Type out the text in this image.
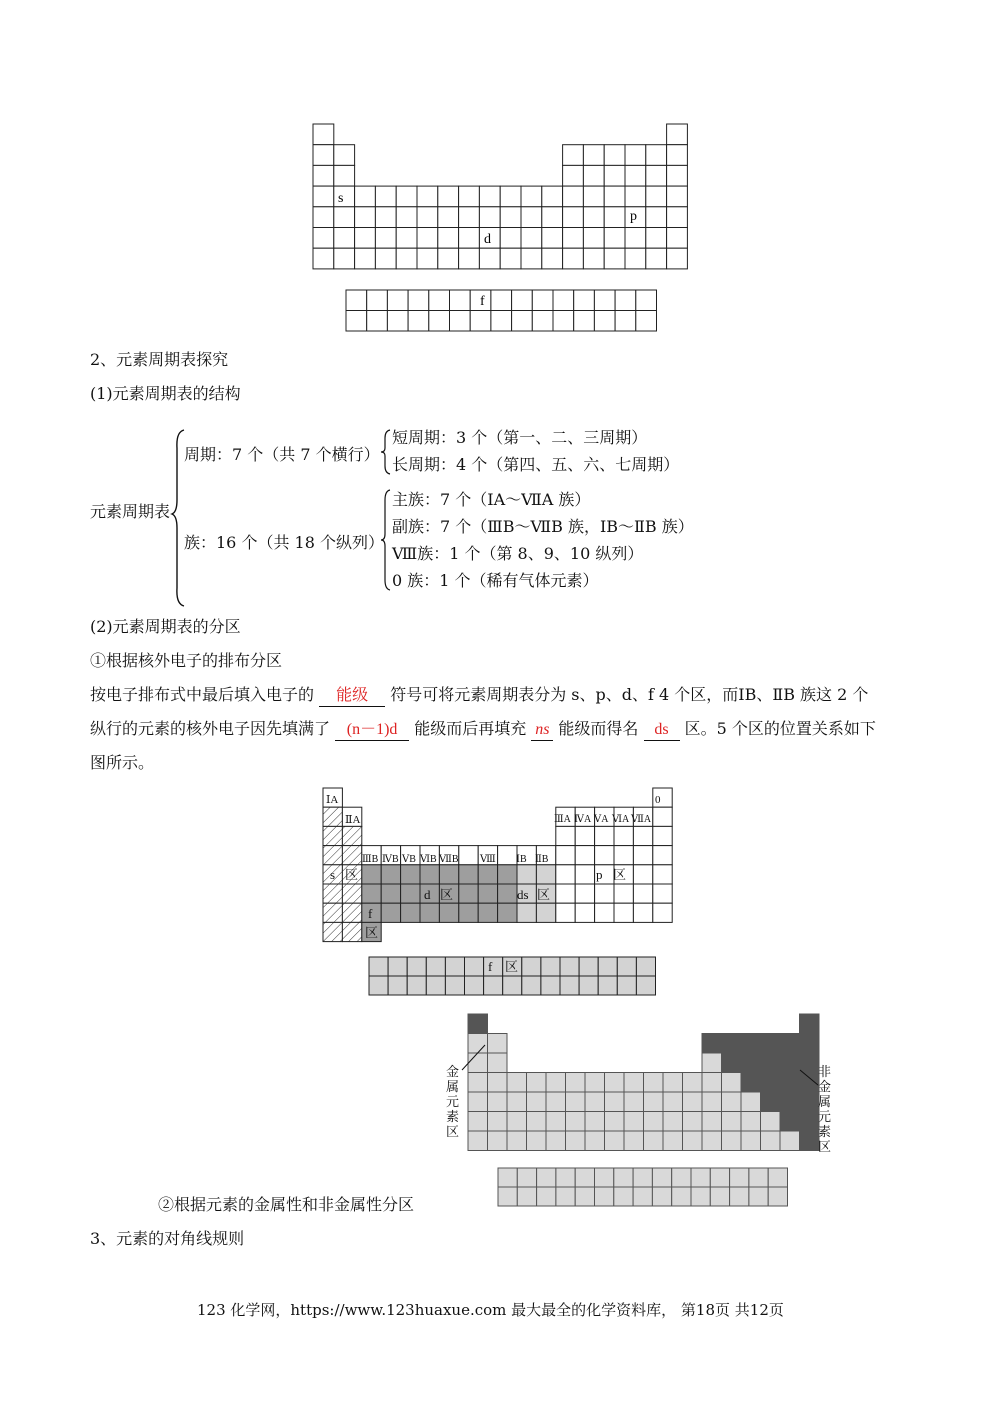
s
p
d
f
2、元素周期表探究
(1)元素周期表的结构
元素周期表
周期：7 个（共 7 个横行）
族：16 个（共 18 个纵列）
短周期：3 个（第一、二、三周期）
长周期：4 个（第四、五、六、七周期）
主族：7 个（ⅠA～ⅦA 族）
副族：7 个（ⅢB～ⅦB 族，ⅠB～ⅡB 族）
Ⅷ族：1 个（第 8、9、10 纵列）
0 族：1 个（稀有气体元素）
(2)元素周期表的分区
①根据核外电子的排布分区
按电子排布式中最后填入电子的 能级 符号可将元素周期表分为 s、p、d、f 4 个区，而ⅠB、ⅡB 族这 2 个
纵行的元素的核外电子因先填满了 (n－1)d 能级而后再填充 ns 能级而得名 ds 区。5 个区的位置关系如下
图所示。
ⅠA
ⅡA	ⅢA ⅣA ⅤA ⅥA ⅦA
0
ⅢB ⅣB ⅤB ⅥB ⅦB Ⅷ ⅠB ⅡB
s 区
d 区	ds 区
p 区
f
区
f 区
金
属
元
素
区
非
金
属
元
素
区
②根据元素的金属性和非金属性分区
3、元素的对角线规则
123 化学网，https://www.123huaxue.com 最大最全的化学资料库， 第18页 共12页
